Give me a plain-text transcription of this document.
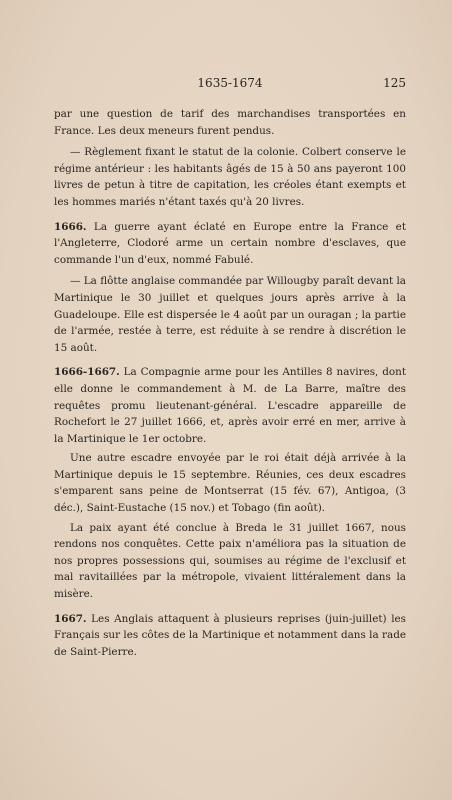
1635-1674	125

par une question de tarif des marchandises transportées en France. Les deux meneurs furent pendus.

— Règlement fixant le statut de la colonie. Colbert conserve le régime antérieur : les habitants âgés de 15 à 50 ans payeront 100 livres de petun à titre de capitation, les créoles étant exempts et les hommes mariés n'étant taxés qu'à 20 livres.

1666. La guerre ayant éclaté en Europe entre la France et l'Angleterre, Clodoré arme un certain nombre d'esclaves, que commande l'un d'eux, nommé Fabulé.

— La flôtte anglaise commandée par Willougby paraît devant la Martinique le 30 juillet et quelques jours après arrive à la Guadeloupe. Elle est dispersée le 4 août par un ouragan ; la partie de l'armée, restée à terre, est réduite à se rendre à discrétion le 15 août.

1666-1667. La Compagnie arme pour les Antilles 8 navires, dont elle donne le commandement à M. de La Barre, maître des requêtes promu lieutenant-général. L'escadre appareille de Rochefort le 27 juillet 1666, et, après avoir erré en mer, arrive à la Martinique le 1er octobre.

Une autre escadre envoyée par le roi était déjà arrivée à la Martinique depuis le 15 septembre. Réunies, ces deux escadres s'emparent sans peine de Montserrat (15 fév. 67), Antigoa, (3 déc.), Saint-Eustache (15 nov.) et Tobago (fin août).

La paix ayant été conclue à Breda le 31 juillet 1667, nous rendons nos conquêtes. Cette paix n'améliora pas la situation de nos propres possessions qui, soumises au régime de l'exclusif et mal ravitaillées par la métropole, vivaient littéralement dans la misère.

1667. Les Anglais attaquent à plusieurs reprises (juin-juillet) les Français sur les côtes de la Martinique et notamment dans la rade de Saint-Pierre.
